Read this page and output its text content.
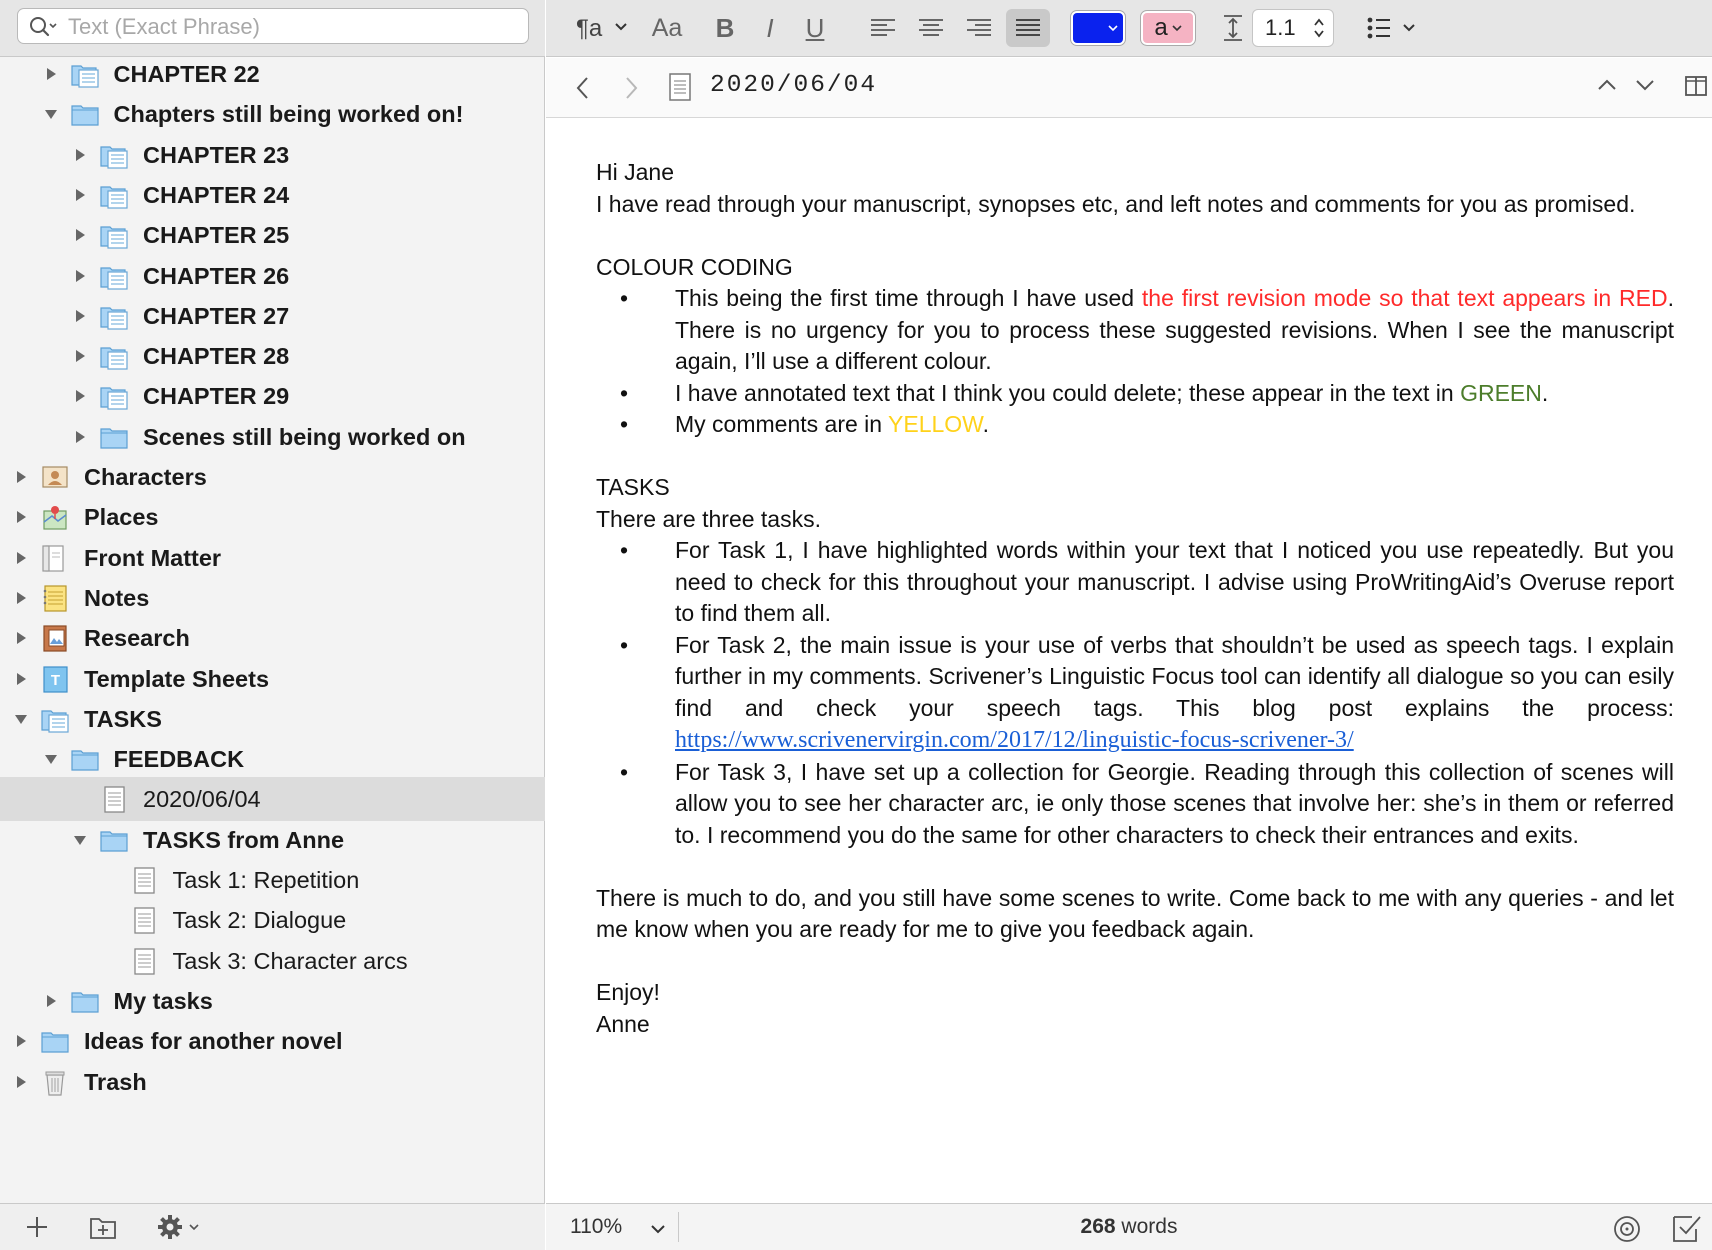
Text (Exact Phrase)
CHAPTER 22
Chapters still being worked on!
CHAPTER 23
CHAPTER 24
CHAPTER 25
CHAPTER 26
CHAPTER 27
CHAPTER 28
CHAPTER 29
Scenes still being worked on
Characters
Places
Front Matter
Notes
Research
T Template Sheets
TASKS
FEEDBACK
2020/06/04
TASKS from Anne
Task 1: Repetition
Task 2: Dialogue
Task 3: Character arcs
My tasks
Ideas for another novel
Trash
¶a	Aa	B	I	U	a	1.1
2020/06/04

Hi Jane

I have read through your manuscript, synopses etc, and left notes and comments for you as promised.

COLOUR CODING

• This being the first time through I have used the first revision mode so that text appears in RED. There is no urgency for you to process these suggested revisions. When I see the manuscript again, I’ll use a different colour.
• I have annotated text that I think you could delete; these appear in the text in GREEN.
• My comments are in YELLOW.

TASKS

There are three tasks.

• For Task 1, I have highlighted words within your text that I noticed you use repeatedly. But you need to check for this throughout your manuscript. I advise using ProWritingAid’s Overuse report to find them all.
• For Task 2, the main issue is your use of verbs that shouldn’t be used as speech tags. I explain further in my comments. Scrivener’s Linguistic Focus tool can identify all dialogue so you can esily find and check your speech tags. This blog post explains the process: https://www.scrivenervirgin.com/2017/12/linguistic-focus-scrivener-3/
• For Task 3, I have set up a collection for Georgie. Reading through this collection of scenes will allow you to see her character arc, ie only those scenes that involve her: she’s in them or referred to. I recommend you do the same for other characters to check their entrances and exits.

There is much to do, and you still have some scenes to write. Come back to me with any queries - and let me know when you are ready for me to give you feedback again.

Enjoy!

Anne

110%	268 words
